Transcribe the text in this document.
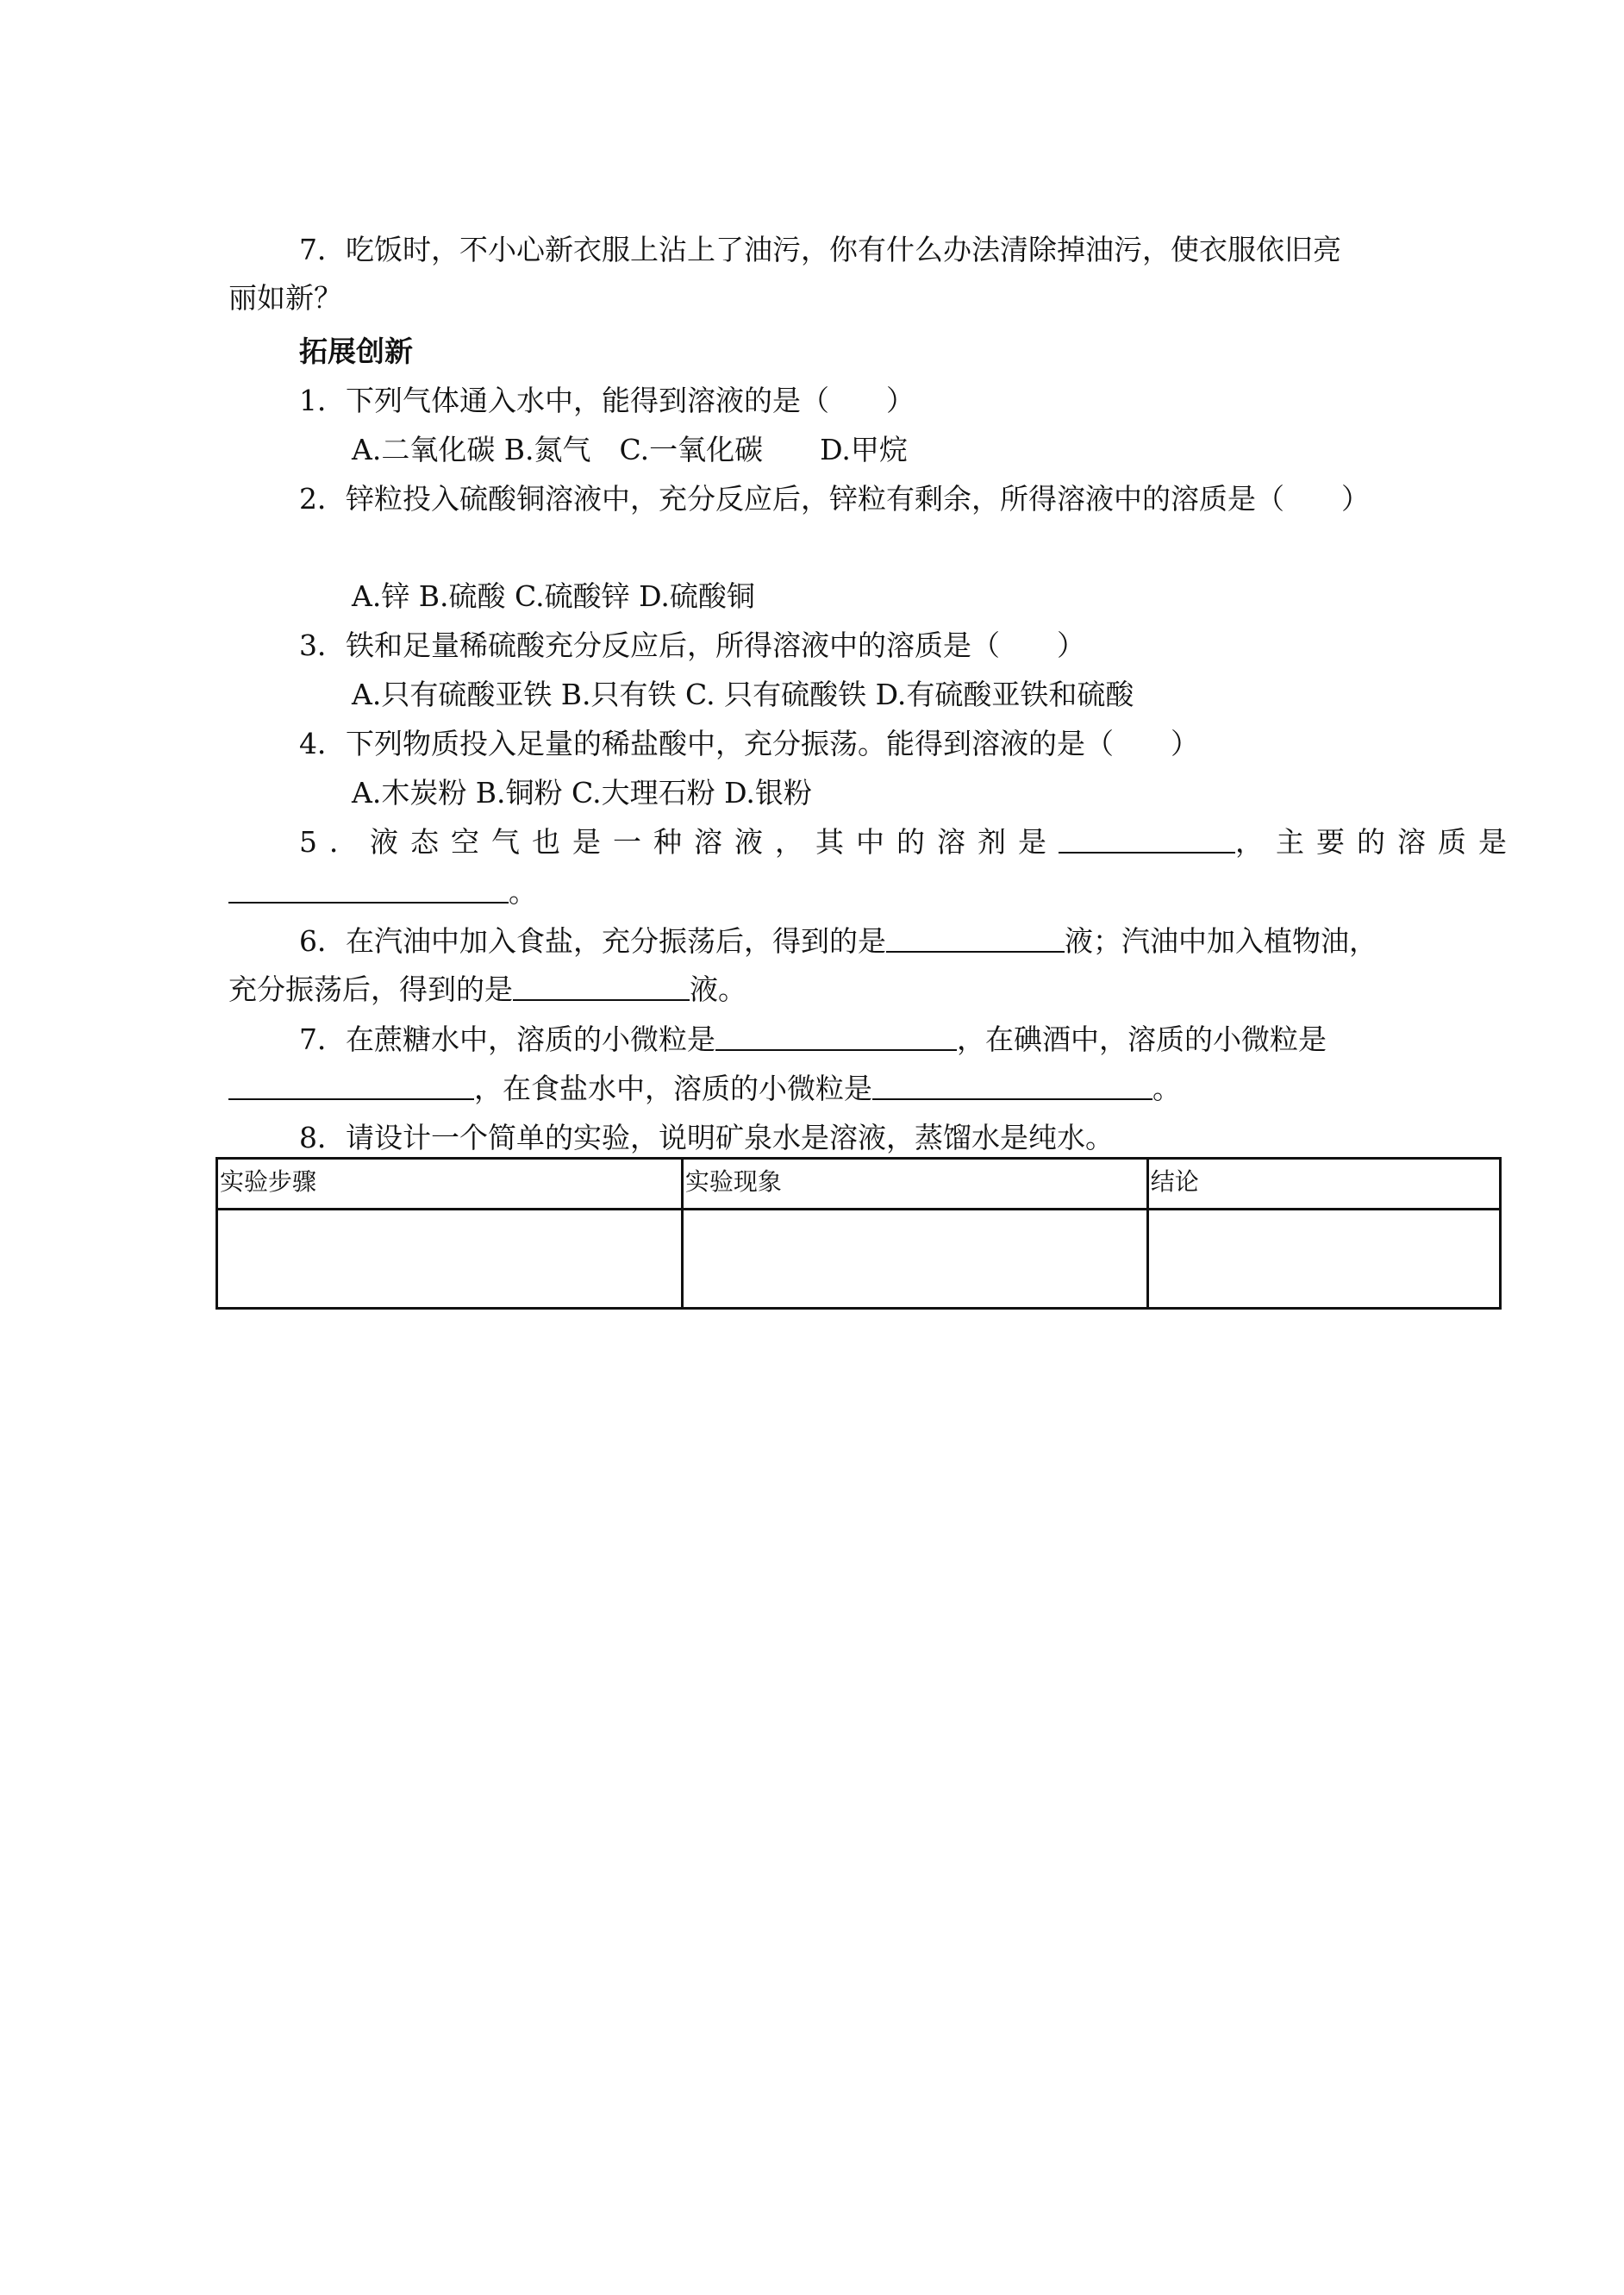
7．吃饭时，不小心新衣服上沾上了油污，你有什么办法清除掉油污，使衣服依旧亮
丽如新？
拓展创新
1．下列气体通入水中，能得到溶液的是（　　）
A.二氧化碳 B.氮气　C.一氧化碳　　D.甲烷
2．锌粒投入硫酸铜溶液中，充分反应后，锌粒有剩余，所得溶液中的溶质是（　　）
A.锌 B.硫酸 C.硫酸锌 D.硫酸铜
3．铁和足量稀硫酸充分反应后，所得溶液中的溶质是（　　）
A.只有硫酸亚铁 B.只有铁 C. 只有硫酸铁 D.有硫酸亚铁和硫酸
4．下列物质投入足量的稀盐酸中，充分振荡。能得到溶液的是（　　）
A.木炭粉 B.铜粉 C.大理石粉 D.银粉
5．液态空气也是一种溶液，其中的溶剂是	，主要的溶质是
。
6．在汽油中加入食盐，充分振荡后，得到的是	液；汽油中加入植物油，
充分振荡后，得到的是	液。
7．在蔗糖水中，溶质的小微粒是	，在碘酒中，溶质的小微粒是
，在食盐水中，溶质的小微粒是	。
8．请设计一个简单的实验，说明矿泉水是溶液，蒸馏水是纯水。
实验步骤	实验现象	结论
